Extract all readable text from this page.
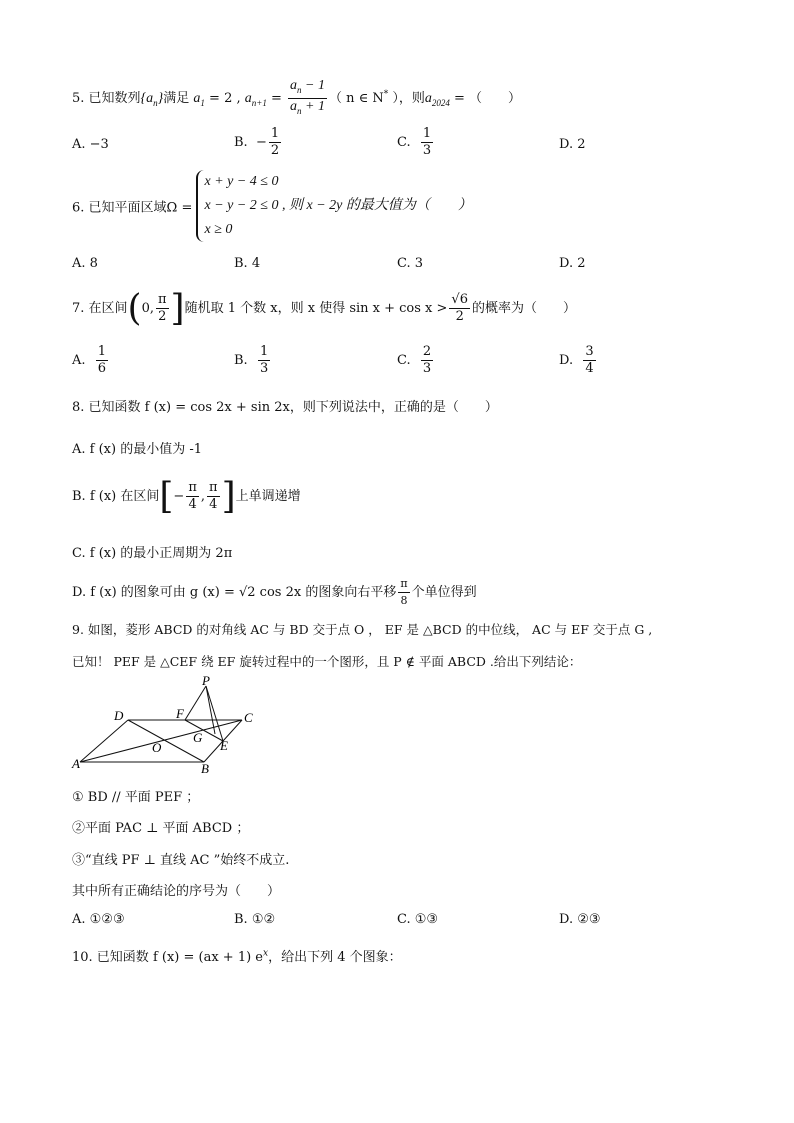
5. 已知数列$\{a_n\}$满足 $a_1 = 2$ , $a_{n+1} = \frac{a_n - 1}{a_n + 1}$ （ n ∈ N* ），则$a_{2024}$ = （　　）
A. −3	B. − $\frac{1}{2}$	C. $\frac{1}{3}$	D. 2
6. 已知平面区域Ω =
x + y − 4 ≤ 0
x − y − 2 ≤ 0 , 则 x − 2y 的最大值为（　　）
x ≥ 0
A. 8	B. 4	C. 3	D. 2
7. 在区间(0, $\frac{\pi}{2}$ ]随机取 1 个数 x，则 x 使得 $\sin x + \cos x > \frac{√6}{2}$ 的概率为（　　）
A. $\frac{1}{6}$	B. $\frac{1}{3}$	C. $\frac{2}{3}$	D. $\frac{3}{4}$
8. 已知函数 f (x) = cos 2x + sin 2x，则下列说法中，正确的是（　　）
A. f (x) 的最小值为 -1
B. f (x) 在区间[− $\frac{\pi}{4}$ , $\frac{\pi}{4}$ ]上单调递增
C. f (x) 的最小正周期为 2π
D. f (x) 的图象可由 g (x) = √2 cos 2x 的图象向右平移 $\frac{\pi}{8}$ 个单位得到
9. 如图，菱形 ABCD 的对角线 AC 与 BD 交于点 O ， EF 是 △BCD 的中位线， AC 与 EF 交于点 G ,
已知！ PEF 是 △CEF 绕 EF 旋转过程中的一个图形，且 P ∉ 平面 ABCD .给出下列结论：
P
D	F	C
G
E
O
A	B
① BD // 平面 PEF ；
②平面 PAC ⊥ 平面 ABCD ；
③“直线 PF ⊥ 直线 AC ”始终不成立.
其中所有正确结论的序号为（　　）
A. ①②③	B. ①②	C. ①③	D. ②③
10. 已知函数 f (x) = (ax + 1) $e^x$，给出下列 4 个图象：
